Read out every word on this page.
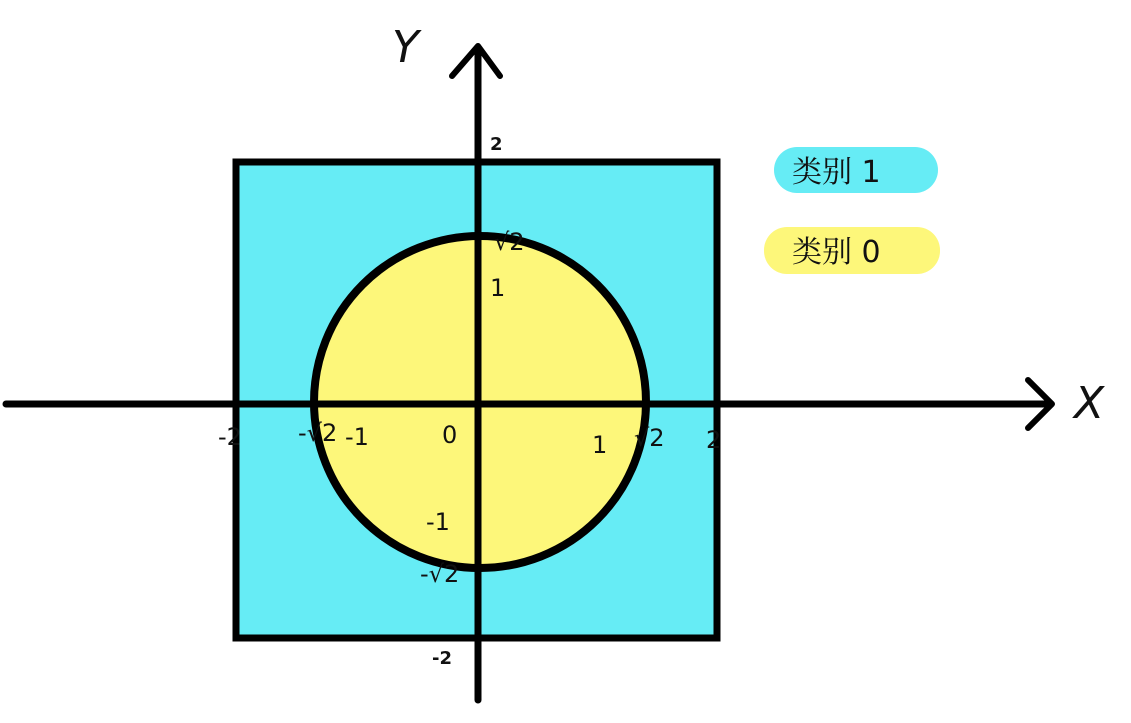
X
Y
-2 -√2 -1	0	1 √2 2
2
√2
1
-1
-√2
-2
类别 1
类别 0
